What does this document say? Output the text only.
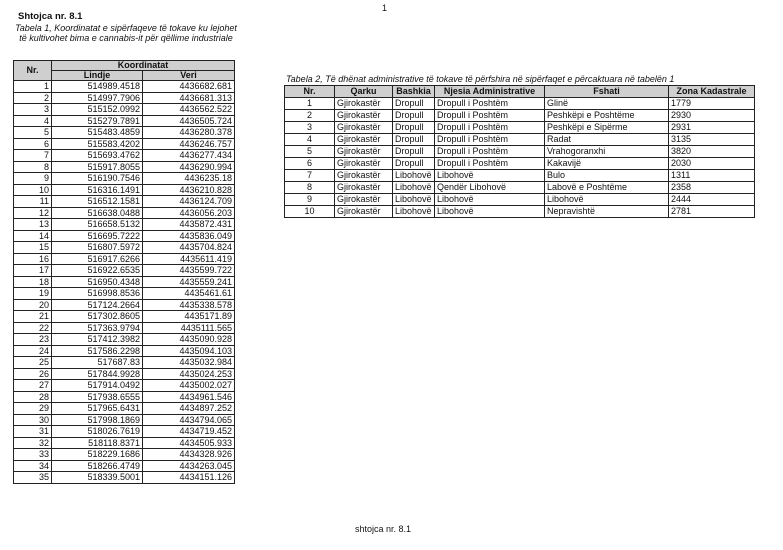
1
Shtojca nr. 8.1
Tabela 1, Koordinatat e sipërfaqeve të tokave ku lejohet të kultivohet bima e cannabis-it për qëllime industriale
Nr.	Koordinatat	
	Lindje	Veri
1	514989.4518	4436682.681
2	514997.7906	4436681.313
3	515152.0992	4436562.522
4	515279.7891	4436505.724
5	515483.4859	4436280.378
6	515583.4202	4436246.757
7	515693.4762	4436277.434
8	515917.8055	4436290.994
9	516190.7546	4436235.18
10	516316.1491	4436210.828
11	516512.1581	4436124.709
12	516638.0488	4436056.203
13	516658.5132	4435872.431
14	516695.7222	4435836.049
15	516807.5972	4435704.824
16	516917.6266	4435611.419
17	516922.6535	4435599.722
18	516950.4348	4435559.241
19	516998.8536	4435461.61
20	517124.2664	4435338.578
21	517302.8605	4435171.89
22	517363.9794	4435111.565
23	517412.3982	4435090.928
24	517586.2298	4435094.103
25	517687.83	4435032.984
26	517844.9928	4435024.253
27	517914.0492	4435002.027
28	517938.6555	4434961.546
29	517965.6431	4434897.252
30	517998.1869	4434794.065
31	518026.7619	4434719.452
32	518118.8371	4434505.933
33	518229.1686	4434328.926
34	518266.4749	4434263.045
35	518339.5001	4434151.126
Tabela 2, Të dhënat administrative të tokave të përfshira në sipërfaqet e përcaktuara në tabelën 1
Nr.	Qarku	Bashkia	Njesia Administrative	Fshati	Zona Kadastrale
1	Gjirokastër	Dropull	Dropull i Poshtëm	Glinë	1779
2	Gjirokastër	Dropull	Dropull i Poshtëm	Peshkëpi e Poshtëme	2930
3	Gjirokastër	Dropull	Dropull i Poshtëm	Peshkëpi e Sipërme	2931
4	Gjirokastër	Dropull	Dropull i Poshtëm	Radat	3135
5	Gjirokastër	Dropull	Dropull i Poshtëm	Vrahogoranxhi	3820
6	Gjirokastër	Dropull	Dropull i Poshtëm	Kakavijë	2030
7	Gjirokastër	Libohovë	Libohovë	Bulo	1311
8	Gjirokastër	Libohovë	Qendër Libohovë	Labovë e Poshtëme	2358
9	Gjirokastër	Libohovë	Libohovë	Libohovë	2444
10	Gjirokastër	Libohovë	Libohovë	Nepravishtë	2781
shtojca nr. 8.1
